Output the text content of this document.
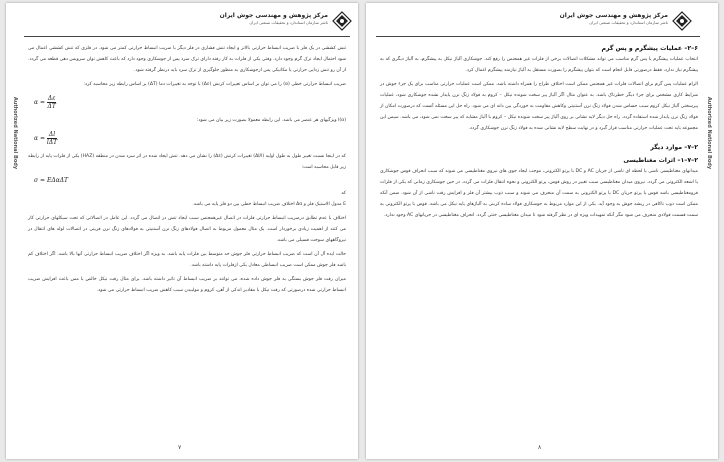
مرکز پژوهش و مهندسی جوش ایران
ناشر سازمان استاندارد و تحقیقات صنعتی ایران
Authorized National Body

تنش کششی در یک فلز با ضریب انبساط حرارتی بالاتر و ایجاد تنش فشاری در فلز دیگر با ضریب انبساط حرارتی کمتر می شود. در فلزی که تنش کششی اعمال می شود احتمال ایجاد ترک گرم وجود دارد. وقتی یکی از فلزات به کار رفته دارای ترک سرد پس از جوشکاری وجود دارد که باعث کاهش توان سرویس دهی قطعه می گردد. از آن رو تنش زدایی حرارتی یا مکانیکی پس ازجوشکاری به منظور جلوگیری از ترک سرد باید درنظر گرفته شود.

ضریب انبساط حرارتی خطی (α) را می توان بر اساس تغییرات کرنش (Δε) با توجه به تغییرات دما (ΔT) بر اساس رابطه زیر محاسبه کرد:

$\alpha = \frac{\Delta\varepsilon}{\Delta T}$

l(α) ویژگیهای هر عنصر می باشد. این رابطه معمولا بصورت زیر بیان می شود:

$\alpha = \frac{\Delta l}{\text{lΔT}}$

که در اینجا نسبت تغییر طول به طول اولیه (Δl/l) تغییرات کرنش (Δε) را نشان می دهد. تنش ایجاد شده در اثر سرد شدن در منطقه (HAZ) یکی از فلزات پایه از رابطه زیر قابل محاسبه است:

σ = EΔαΔT

که

E مدول الاستیک فلز و Δα اختلاف ضریب انبساط خطی بین دو فلز پایه می باشد.

اختلاف یا عدم تطابق درضریب انبساط حرارتی فلزات در اتصال غیرهمجنس سبب ایجاد تنش در اتصال می گردد. این عامل در اتصالاتی که تحت سیکلهای حرارتی کار می کنند از اهمیت زیادی برخوردار است. یک مثال معمول مربوط به اتصال فولادهای زنگ نزن آستنیتی به فولادهای زنگ نزن فریتی در اتصالات لوله های انتقال در نیروگاههای سوخت فسیلی می باشد.

حالت ایده آل آن است که ضریب انبساط حرارتی فلز جوش حد متوسط بین فلزات پایه باشد. به ویژه اگر اختلاف ضریب انبساط حرارتی آنها بالا باشد. اگر اختلاف کم باشد فلز جوش ممکن است ضریب انبساطی معادل یکی ازفلزات پایه داشته باشد.

میزان رقت فلز جوش بستگی به فلز جوش داده شده، می توانند بر ضریب انبساط آن تاثیر داشته باشد. برای مثال رقت نیکل خالص با مس باعث افزایش ضریب انبساط حرارتی شده درصورتی که رقت نیکل با مقادیر اندکی از آهن، کروم و مولیبدن سبب کاهش ضریب انبساط حرارتی می شود.

۷
مرکز پژوهش و مهندسی جوش ایران
ناشر سازمان استاندارد و تحقیقات صنعتی ایران
Authorized National Body
۶–۲– عملیات پیشگرم و پس گرم

انتخاب عملیات پیشگرم یا پس گرم مناسب می تواند مشکلات اتصالات برخی از فلزات غیر همجنس را رفع کند. جوشکاری آلیاژ نیکل به پیشگرم، به آلیاژ دیگری که به پیشگرم نیاز ندارد، فقط درصورتی قابل انجام است که بتوان پیشگرم را بصورت مستقل به آلیاژ نیازمند پیشگرم اعمال کرد.

الزام عملیات پس گرم برای اتصالات فلزات غیر همجنس ممکن است اختلاف طراح را همراه داشته باشد. ممکن است عملیات حرارتی مناسب برای یک جزء جوش در شرایط کاری مشخص برای جزء دیگر خطرناک باشد. به عنوان مثال اگر آلیاژ پیر سخت شونده نیکل – کروم به فولاد زنگ نزن پایدار نشده جوشکاری شود، عملیات پیرسختی آلیاژ نیکل کروم سبب حساس شدن فولاد زنگ نزن آستنیتی وکاهش مقاومت به خوردگی بین دانه ای می شود. راه حل این مسئله آنست که درصورت امکان از فولاد زنگ نزن پایدار شده استفاده گردد. راه حل دیگر لایه نشانی بر روی آلیاژ پیر سخت شونده نیکل – کروم با آلیاژ مشابه که پیر سخت نمی شود، می باشد. سپس این مجموعه باید تحت عملیات حرارتی مناسب قرار گیرد و در نهایت سطح لایه نشانی شده به فولاد زنگ نزن جوشکاری گردد.

۲–۷– موارد دیگر
۲–۷–۱– اثرات مغناطیسی

میدانهای مغناطیسی ناشی یا لحظه ای ناشی از جریان AC و DC با پرتو الکترونی، موجب ایجاد جوی های نیروی مغناطیسی می شوند که سبب انحراف قوس جوشکاری یا اشعه الکترونی می گردد. نیروی میدان مغناطیسی سبب تغییر در روش قوس، پرتو الکترونی و نحوه انتقال فلزات می گردد. در حین جوشکاری زمانی که یکی از فلزات فرومغناطیسی باشد قوس یا پرتو جریان DC یا پرتو الکترونی به سمت آن منحرف می شوند و سبب ذوب بیشتر آن فلز و افزایش رقت ناشی از آن شود. ضمن آنکه ممکن است ذوب ناکافی در ریشه جوش به وجود آید. یکی از این موارد مربوط به جوشکاری فولاد ساده کربنی به آلیاژهای پایه نیکل می باشد. قوس یا پرتو الکترونی به سمت قسمت فولادی منحرف می شود مگر آنکه تمهیدات ویژه ای در نظر گرفته شود تا میدان مغناطیسی خنثی گردد. انحراف مغناطیسی در جریانهای AC وجود ندارد.

۸
